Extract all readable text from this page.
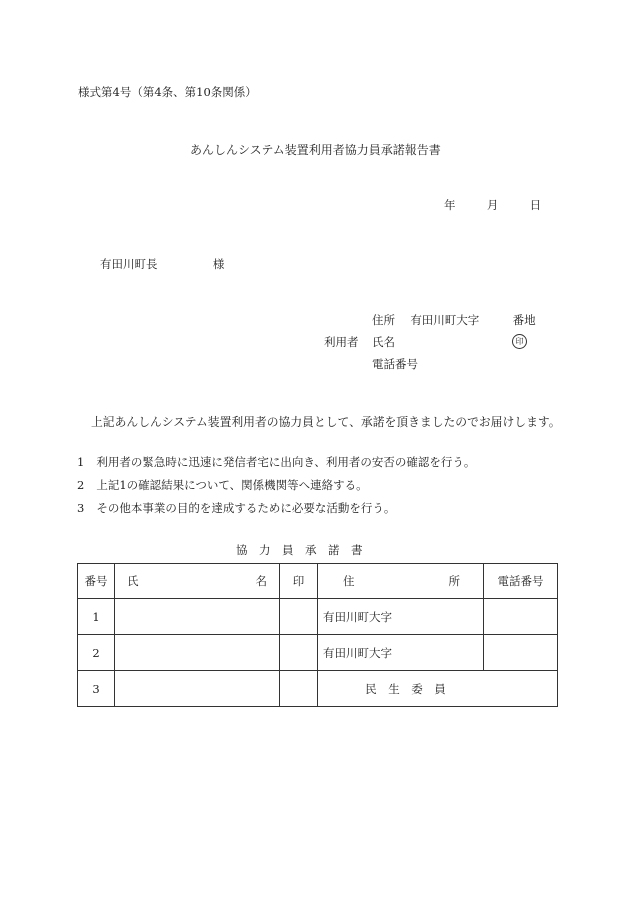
様式第4号（第4条、第10条関係）
あんしんシステム装置利用者協力員承諾報告書
年	月	日
有田川町長	様
住所 有田川町大字	番地
利用者 氏名	印
電話番号
上記あんしんシステム装置利用者の協力員として、承諾を頂きましたのでお届けします。
1 利用者の緊急時に迅速に発信者宅に出向き、利用者の安否の確認を行う。
2 上記1の確認結果について、関係機関等へ連絡する。
3 その他本事業の目的を達成するために必要な活動を行う。
協　力　員　承　諾　書
番号	氏 名	印	住 所	電話番号
1			有田川町大字	
2			有田川町大字	
3			民　生　委　員	
